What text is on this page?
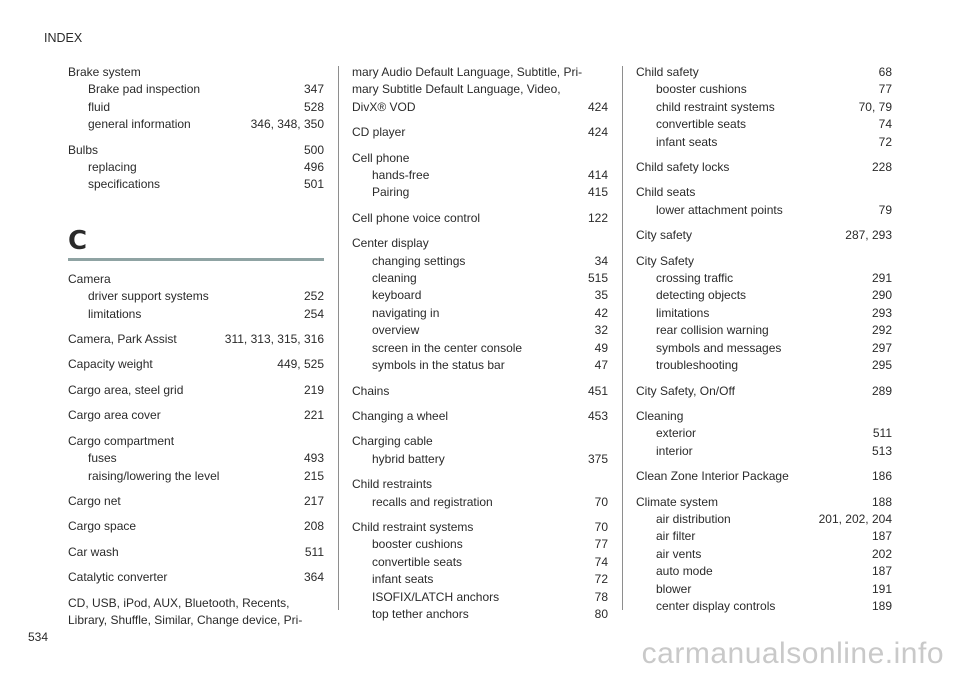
INDEX
Brake system
Brake pad inspection	347
fluid	528
general information	346, 348, 350
Bulbs	500
replacing	496
specifications	501
C
Camera
driver support systems	252
limitations	254
Camera, Park Assist	311, 313, 315, 316
Capacity weight	449, 525
Cargo area, steel grid	219
Cargo area cover	221
Cargo compartment
fuses	493
raising/lowering the level	215
Cargo net	217
Cargo space	208
Car wash	511
Catalytic converter	364
CD, USB, iPod, AUX, Bluetooth, Recents,
Library, Shuffle, Similar, Change device, Pri-
mary Audio Default Language, Subtitle, Pri-
mary Subtitle Default Language, Video,
DivX® VOD	424
CD player	424
Cell phone
hands-free	414
Pairing	415
Cell phone voice control	122
Center display
changing settings	34
cleaning	515
keyboard	35
navigating in	42
overview	32
screen in the center console	49
symbols in the status bar	47
Chains	451
Changing a wheel	453
Charging cable
hybrid battery	375
Child restraints
recalls and registration	70
Child restraint systems	70
booster cushions	77
convertible seats	74
infant seats	72
ISOFIX/LATCH anchors	78
top tether anchors	80
Child safety	68
booster cushions	77
child restraint systems	70, 79
convertible seats	74
infant seats	72
Child safety locks	228
Child seats
lower attachment points	79
City safety	287, 293
City Safety
crossing traffic	291
detecting objects	290
limitations	293
rear collision warning	292
symbols and messages	297
troubleshooting	295
City Safety, On/Off	289
Cleaning
exterior	511
interior	513
Clean Zone Interior Package	186
Climate system	188
air distribution	201, 202, 204
air filter	187
air vents	202
auto mode	187
blower	191
center display controls	189
534	carmanualsonline.info
